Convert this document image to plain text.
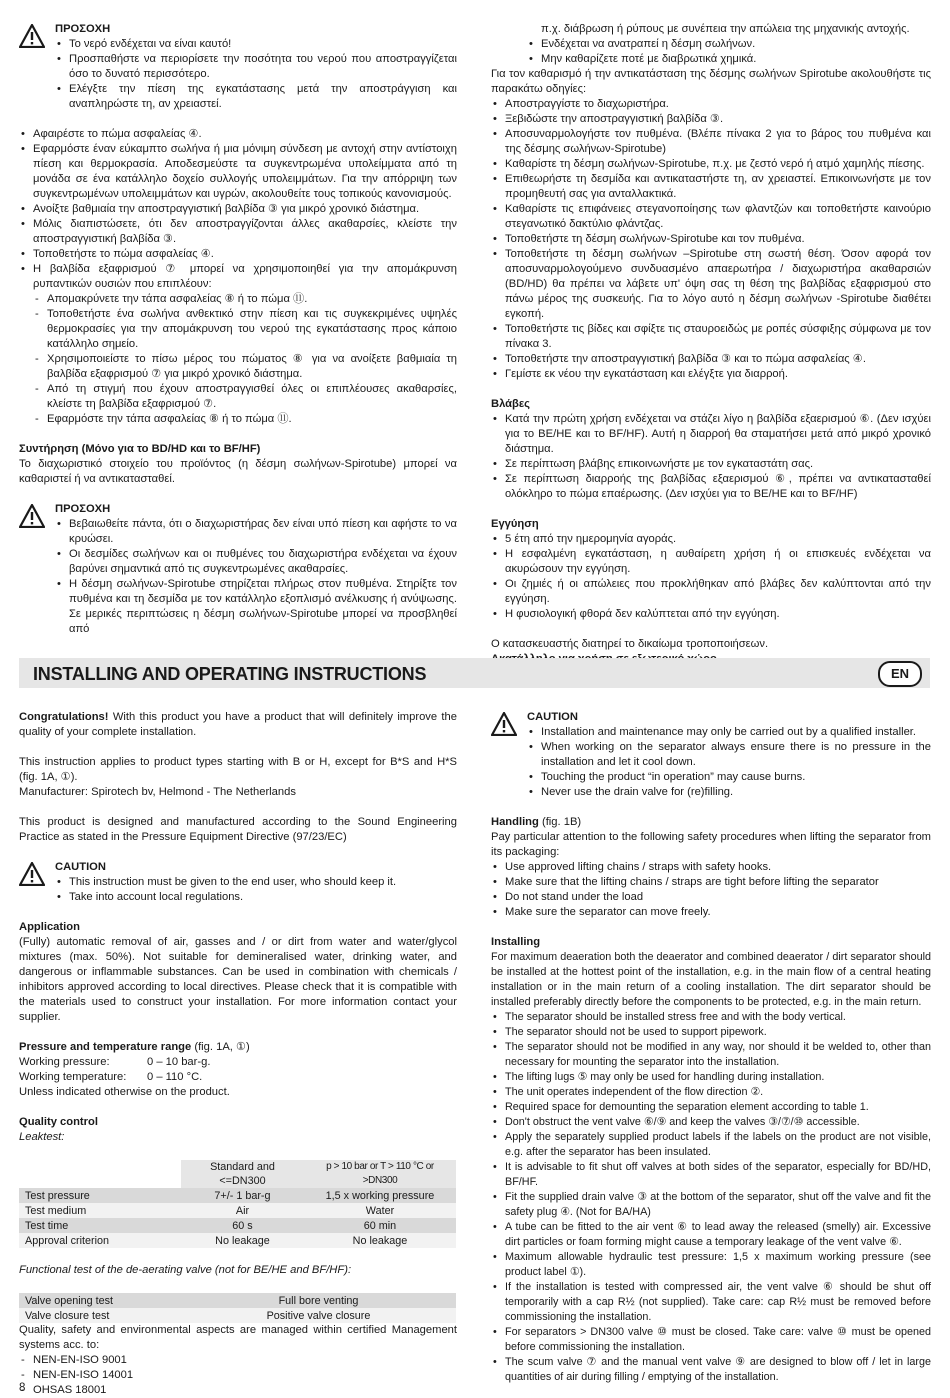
ΠΡΟΣΟΧΗ
• Το νερό ενδέχεται να είναι καυτό!
• Προσπαθήστε να περιορίσετε την ποσότητα του νερού που αποστραγγίζεται όσο το δυνατό περισσότερο.
• Ελέγξτε την πίεση της εγκατάστασης μετά την αποστράγγιση και αναπληρώστε τη, αν χρειαστεί.
• Αφαιρέστε το πώμα ασφαλείας ④.
• Εφαρμόστε έναν εύκαμπτο σωλήνα ή μια μόνιμη σύνδεση με αντοχή στην αντίστοιχη πίεση και θερμοκρασία. Αποδεσμεύστε τα συγκεντρωμένα υπολείμματα από τη μονάδα σε ένα κατάλληλο δοχείο συλλογής υπολειμμάτων. Για την απόρριψη των συγκεντρωμένων υπολειμμάτων και υγρών, ακολουθείτε τους τοπικούς κανονισμούς.
• Ανοίξτε βαθμιαία την αποστραγγιστική βαλβίδα ③ για μικρό χρονικό διάστημα.
• Μόλις διαπιστώσετε, ότι δεν αποστραγγίζονται άλλες ακαθαρσίες, κλείστε την αποστραγγιστική βαλβίδα ③.
• Τοποθετήστε το πώμα ασφαλείας ④.
• Η βαλβίδα εξαφρισμού ⑦ μπορεί να χρησιμοποιηθεί για την απομάκρυνση ρυπαντικών ουσιών που επιπλέουν:
- Απομακρύνετε την τάπα ασφαλείας ⑧ ή το πώμα ⑪.
- Τοποθετήστε ένα σωλήνα ανθεκτικό στην πίεση και τις συγκεκριμένες υψηλές θερμοκρασίες για την απομάκρυνση του νερού της εγκατάστασης προς κάποιο κατάλληλο σημείο.
- Χρησιμοποιείστε το πίσω μέρος του πώματος ⑧ για να ανοίξετε βαθμιαία τη βαλβίδα εξαφρισμού ⑦ για μικρό χρονικό διάστημα.
- Από τη στιγμή που έχουν αποστραγγισθεί όλες οι επιπλέουσες ακαθαρσίες, κλείστε τη βαλβίδα εξαφρισμού ⑦.
- Εφαρμόστε την τάπα ασφαλείας ⑧ ή το πώμα ⑪.

Συντήρηση (Μόνο για το BD/HD και το BF/HF)

Το διαχωριστικό στοιχείο του προϊόντος (η δέσμη σωλήνων-Spirotube) μπορεί να καθαριστεί ή να αντικατασταθεί.

ΠΡΟΣΟΧΗ
• Βεβαιωθείτε πάντα, ότι ο διαχωριστήρας δεν είναι υπό πίεση και αφήστε το να κρυώσει.
• Οι δεσμίδες σωλήνων και οι πυθμένες του διαχωριστήρα ενδέχεται να έχουν βαρύνει σημαντικά από τις συγκεντρωμένες ακαθαρσίες.
• Η δέσμη σωλήνων-Spirotube στηρίζεται πλήρως στον πυθμένα. Στηρίξτε τον πυθμένα και τη δεσμίδα με τον κατάλληλο εξοπλισμό ανέλκυσης ή ανύψωσης. Σε μερικές περιπτώσεις η δέσμη σωλήνων-Spirotube μπορεί να προσβληθεί από

π.χ. διάβρωση ή ρύπους με συνέπεια την απώλεια της μηχανικής αντοχής.

• Ενδέχεται να ανατραπεί η δέσμη σωλήνων.
• Μην καθαρίζετε ποτέ με διαβρωτικά χημικά.

Για τον καθαρισμό ή την αντικατάσταση της δέσμης σωλήνων Spirotube ακολουθήστε τις παρακάτω οδηγίες:

• Αποστραγγίστε το διαχωριστήρα.
• Ξεβιδώστε την αποστραγγιστική βαλβίδα ③.
• Αποσυναρμολογήστε τον πυθμένα. (Βλέπε πίνακα 2 για το βάρος του πυθμένα και της δέσμης σωλήνων-Spirotube)
• Καθαρίστε τη δέσμη σωλήνων-Spirotube, π.χ. με ζεστό νερό ή ατμό χαμηλής πίεσης.
• Επιθεωρήστε τη δεσμίδα και αντικαταστήστε τη, αν χρειαστεί. Επικοινωνήστε με τον προμηθευτή σας για ανταλλακτικά.
• Καθαρίστε τις επιφάνειες στεγανοποίησης των φλαντζών και τοποθετήστε καινούριο στεγανωτικό δακτύλιο φλάντζας.
• Τοποθετήστε τη δέσμη σωλήνων-Spirotube και τον πυθμένα.
• Τοποθετήστε τη δέσμη σωλήνων –Spirotube στη σωστή θέση. Όσον αφορά τον αποσυναρμολογούμενο συνδυασμένο απαερωτήρα / διαχωριστήρα ακαθαρσιών (BD/HD) θα πρέπει να λάβετε υπ' όψη σας τη θέση της βαλβίδας εξαφρισμού στο πάνω μέρος της συσκευής. Για το λόγο αυτό η δέσμη σωλήνων -Spirotube διαθέτει εγκοπή.
• Τοποθετήστε τις βίδες και σφίξτε τις σταυροειδώς με ροπές σύσφιξης σύμφωνα με τον πίνακα 3.
• Τοποθετήστε την αποστραγγιστική βαλβίδα ③ και το πώμα ασφαλείας ④.
• Γεμίστε εκ νέου την εγκατάσταση και ελέγξτε για διαρροή.

Βλάβες

• Κατά την πρώτη χρήση ενδέχεται να στάζει λίγο η βαλβίδα εξαερισμού ⑥. (Δεν ισχύει για το BE/HE και το BF/HF). Αυτή η διαρροή θα σταματήσει μετά από μικρό χρονικό διάστημα.
• Σε περίπτωση βλάβης επικοινωνήστε με τον εγκαταστάτη σας.
• Σε περίπτωση διαρροής της βαλβίδας εξαερισμού ⑥, πρέπει να αντικατασταθεί ολόκληρο το πώμα επαέρωσης. (Δεν ισχύει για το BE/HE και το BF/HF)

Εγγύηση

• 5 έτη από την ημερομηνία αγοράς.
• Η εσφαλμένη εγκατάσταση, η αυθαίρετη χρήση ή οι επισκευές ενδέχεται να ακυρώσουν την εγγύηση.
• Οι ζημιές ή οι απώλειες που προκλήθηκαν από βλάβες δεν καλύπτονται από την εγγύηση.
• Η φυσιολογική φθορά δεν καλύπτεται από την εγγύηση.

Ο κατασκευαστής διατηρεί το δικαίωμα τροποποιήσεων.

INSTALLING AND OPERATING INSTRUCTIONS	EN

Congratulations! With this product you have a product that will definitely improve the quality of your complete installation.

This instruction applies to product types starting with B or H, except for B*S and H*S (fig. 1A, ①).

Manufacturer: Spirotech bv, Helmond - The Netherlands

This product is designed and manufactured according to the Sound Engineering Practice as stated in the Pressure Equipment Directive (97/23/EC)

CAUTION
• This instruction must be given to the end user, who should keep it.
• Take into account local regulations.

Application

(Fully) automatic removal of air, gasses and / or dirt from water and water/glycol mixtures (max. 50%). Not suitable for demineralised water, drinking water, and dangerous or inflammable substances. Can be used in combination with chemicals / inhibitors approved according to local directives. Please check that it is compatible with the materials used to construct your installation. For more information contact your supplier.

Pressure and temperature range (fig. 1A, ①)

Working pressure:	0 – 10 bar-g.

Working temperature: 0 – 110 °C.

Unless indicated otherwise on the product.

Quality control

Leaktest:

	Standard and <=DN300	p > 10 bar or T > 110 °C or >DN300
Test pressure	7+/- 1 bar-g	1,5 x working pressure
Test medium	Air	Water
Test time	60 s	60 min
Approval criterion	No leakage	No leakage

Functional test of the de-aerating valve (not for BE/HE and BF/HF):

Valve opening test	Full bore venting
Valve closure test	Positive valve closure

Quality, safety and environmental aspects are managed within certified Management systems acc. to:

- NEN-EN-ISO 9001
- NEN-EN-ISO 14001
- OHSAS 18001
CAUTION
• Installation and maintenance may only be carried out by a qualified installer.
• When working on the separator always ensure there is no pressure in the installation and let it cool down.
• Touching the product “in operation” may cause burns.
• Never use the drain valve for (re)filling.

Handling (fig. 1B)

Pay particular attention to the following safety procedures when lifting the separator from its packaging:

• Use approved lifting chains / straps with safety hooks.
• Make sure that the lifting chains / straps are tight before lifting the separator
• Do not stand under the load
• Make sure the separator can move freely.

Installing

For maximum deaeration both the deaerator and combined deaerator / dirt separator should be installed at the hottest point of the installation, e.g. in the main flow of a central heating installation or in the main return of a cooling installation. The dirt separator should be installed preferably directly before the components to be protected, e.g. in the main return.

• The separator should be installed stress free and with the body vertical.
• The separator should not be used to support pipework.
• The separator should not be modified in any way, nor should it be welded to, other than necessary for mounting the separator into the installation.
• The lifting lugs ⑤ may only be used for handling during installation.
• The unit operates independent of the flow direction ②.
• Required space for demounting the separation element according to table 1.
• Don't obstruct the vent valve ⑥/⑨ and keep the valves ③/⑦/⑩ accessible.
• Apply the separately supplied product labels if the labels on the product are not visible, e.g. after the separator has been insulated.
• It is advisable to fit shut off valves at both sides of the separator, especially for BD/HD, BF/HF.
• Fit the supplied drain valve ③ at the bottom of the separator, shut off the valve and fit the safety plug ④. (Not for BA/HA)
• A tube can be fitted to the air vent ⑥ to lead away the released (smelly) air. Excessive dirt particles or foam forming might cause a temporary leakage of the vent valve ⑥.
• Maximum allowable hydraulic test pressure: 1,5 x maximum working pressure (see product label ①).
• If the installation is tested with compressed air, the vent valve ⑥ should be shut off temporarily with a cap R½ (not supplied). Take care: cap R½ must be removed before commissioning the installation.
• For separators > DN300 valve ⑩ must be closed. Take care: valve ⑩ must be opened before commissioning the installation.
• The scum valve ⑦ and the manual vent valve ⑨ are designed to blow off / let in large quantities of air during filling / emptying of the installation.
8
